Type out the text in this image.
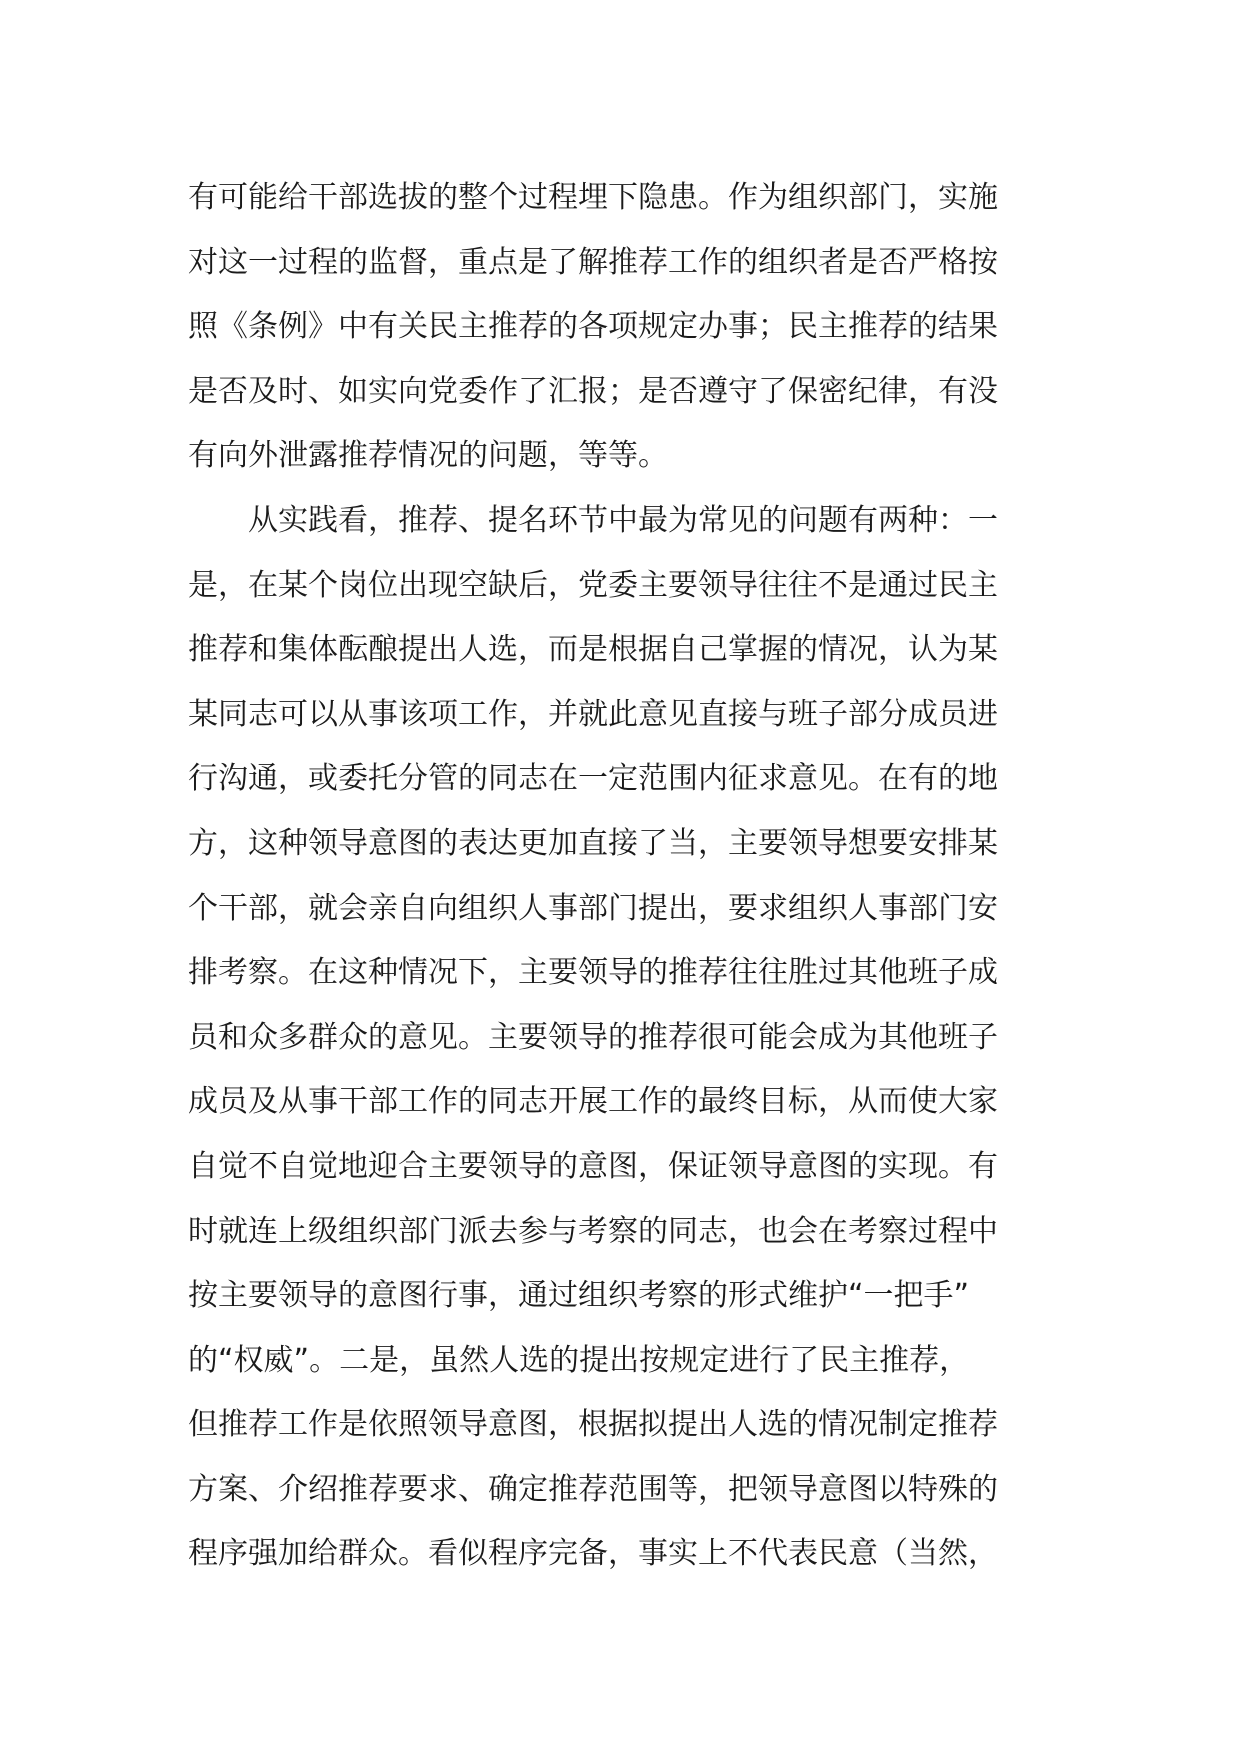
有可能给干部选拔的整个过程埋下隐患。作为组织部门，实施
对这一过程的监督，重点是了解推荐工作的组织者是否严格按
照《条例》中有关民主推荐的各项规定办事；民主推荐的结果
是否及时、如实向党委作了汇报；是否遵守了保密纪律，有没
有向外泄露推荐情况的问题，等等。
　　从实践看，推荐、提名环节中最为常见的问题有两种：一
是，在某个岗位出现空缺后，党委主要领导往往不是通过民主
推荐和集体酝酿提出人选，而是根据自己掌握的情况，认为某
某同志可以从事该项工作，并就此意见直接与班子部分成员进
行沟通，或委托分管的同志在一定范围内征求意见。在有的地
方，这种领导意图的表达更加直接了当，主要领导想要安排某
个干部，就会亲自向组织人事部门提出，要求组织人事部门安
排考察。在这种情况下，主要领导的推荐往往胜过其他班子成
员和众多群众的意见。主要领导的推荐很可能会成为其他班子
成员及从事干部工作的同志开展工作的最终目标，从而使大家
自觉不自觉地迎合主要领导的意图，保证领导意图的实现。有
时就连上级组织部门派去参与考察的同志，也会在考察过程中
按主要领导的意图行事，通过组织考察的形式维护“一把手”
的“权威”。二是，虽然人选的提出按规定进行了民主推荐，
但推荐工作是依照领导意图，根据拟提出人选的情况制定推荐
方案、介绍推荐要求、确定推荐范围等，把领导意图以特殊的
程序强加给群众。看似程序完备，事实上不代表民意（当然，
